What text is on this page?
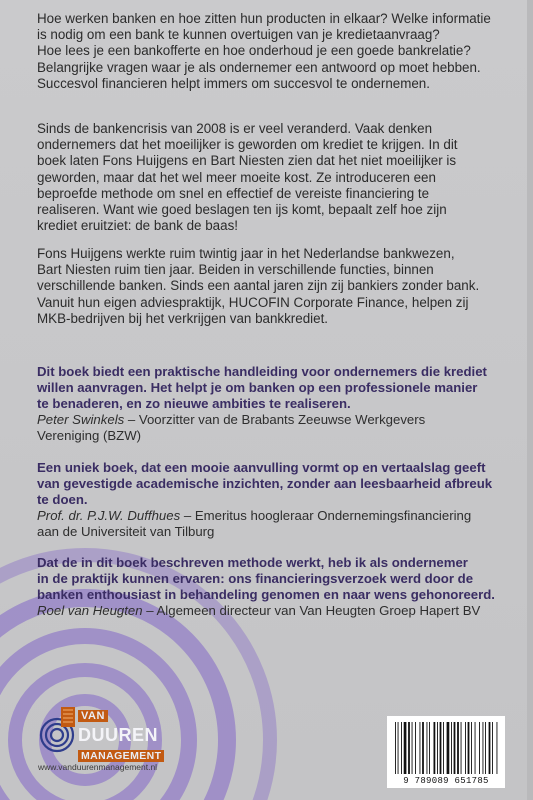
Hoe werken banken en hoe zitten hun producten in elkaar? Welke informatie

is nodig om een bank te kunnen overtuigen van je kredietaanvraag?

Hoe lees je een bankofferte en hoe onderhoud je een goede bankrelatie?

Belangrijke vragen waar je als ondernemer een antwoord op moet hebben.

Succesvol financieren helpt immers om succesvol te ondernemen.

Sinds de bankencrisis van 2008 is er veel veranderd. Vaak denken

ondernemers dat het moeilijker is geworden om krediet te krijgen. In dit

boek laten Fons Huijgens en Bart Niesten zien dat het niet moeilijker is

geworden, maar dat het wel meer moeite kost. Ze introduceren een

beproefde methode om snel en effectief de vereiste financiering te

realiseren. Want wie goed beslagen ten ijs komt, bepaalt zelf hoe zijn

krediet eruitziet: de bank de baas!

Fons Huijgens werkte ruim twintig jaar in het Nederlandse bankwezen,

Bart Niesten ruim tien jaar. Beiden in verschillende functies, binnen

verschillende banken. Sinds een aantal jaren zijn zij bankiers zonder bank.

Vanuit hun eigen adviespraktijk, HUCOFIN Corporate Finance, helpen zij

MKB-bedrijven bij het verkrijgen van bankkrediet.

Dit boek biedt een praktische handleiding voor ondernemers die krediet

willen aanvragen. Het helpt je om banken op een professionele manier

te benaderen, en zo nieuwe ambities te realiseren.

Peter Swinkels – Voorzitter van de Brabants Zeeuwse Werkgevers

Vereniging (BZW)

Een uniek boek, dat een mooie aanvulling vormt op en vertaalslag geeft

van gevestigde academische inzichten, zonder aan leesbaarheid afbreuk

te doen.

Prof. dr. P.J.W. Duffhues – Emeritus hoogleraar Ondernemingsfinanciering

aan de Universiteit van Tilburg

Dat de in dit boek beschreven methode werkt, heb ik als ondernemer

in de praktijk kunnen ervaren: ons financieringsverzoek werd door de

banken enthousiast in behandeling genomen en naar wens gehonoreerd.

Roel van Heugten – Algemeen directeur van Van Heugten Groep Hapert BV

VAN
DUUREN
MANAGEMENT
www.vanduurenmanagement.nl
9 789089 651785
